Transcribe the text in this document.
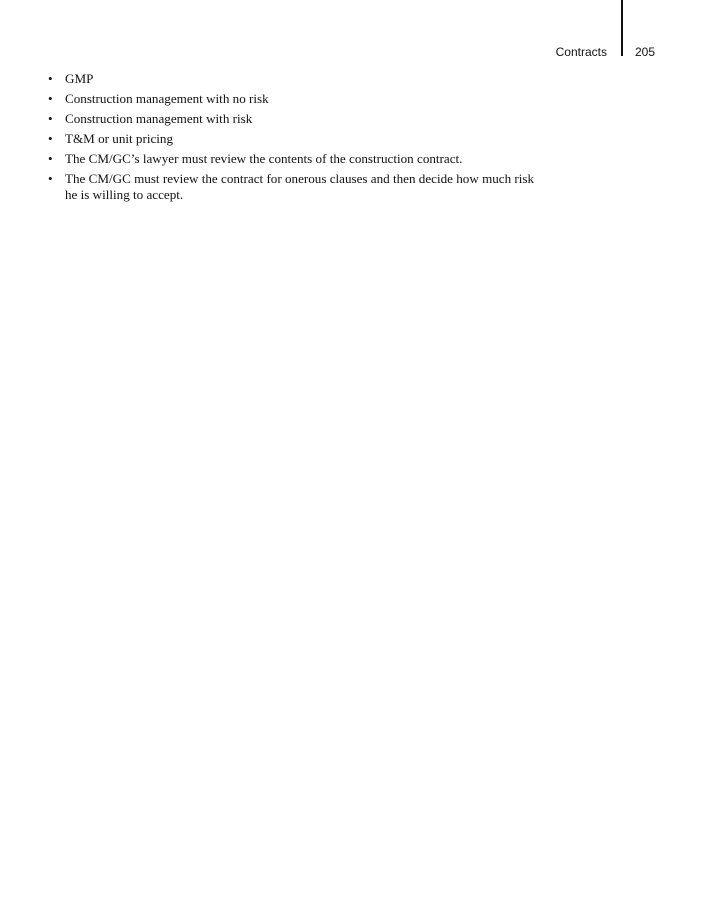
Contracts 205
• GMP
• Construction management with no risk
• Construction management with risk
• T&M or unit pricing
• The CM/GC’s lawyer must review the contents of the construction contract.
• The CM/GC must review the contract for onerous clauses and then decide how much risk he is willing to accept.
